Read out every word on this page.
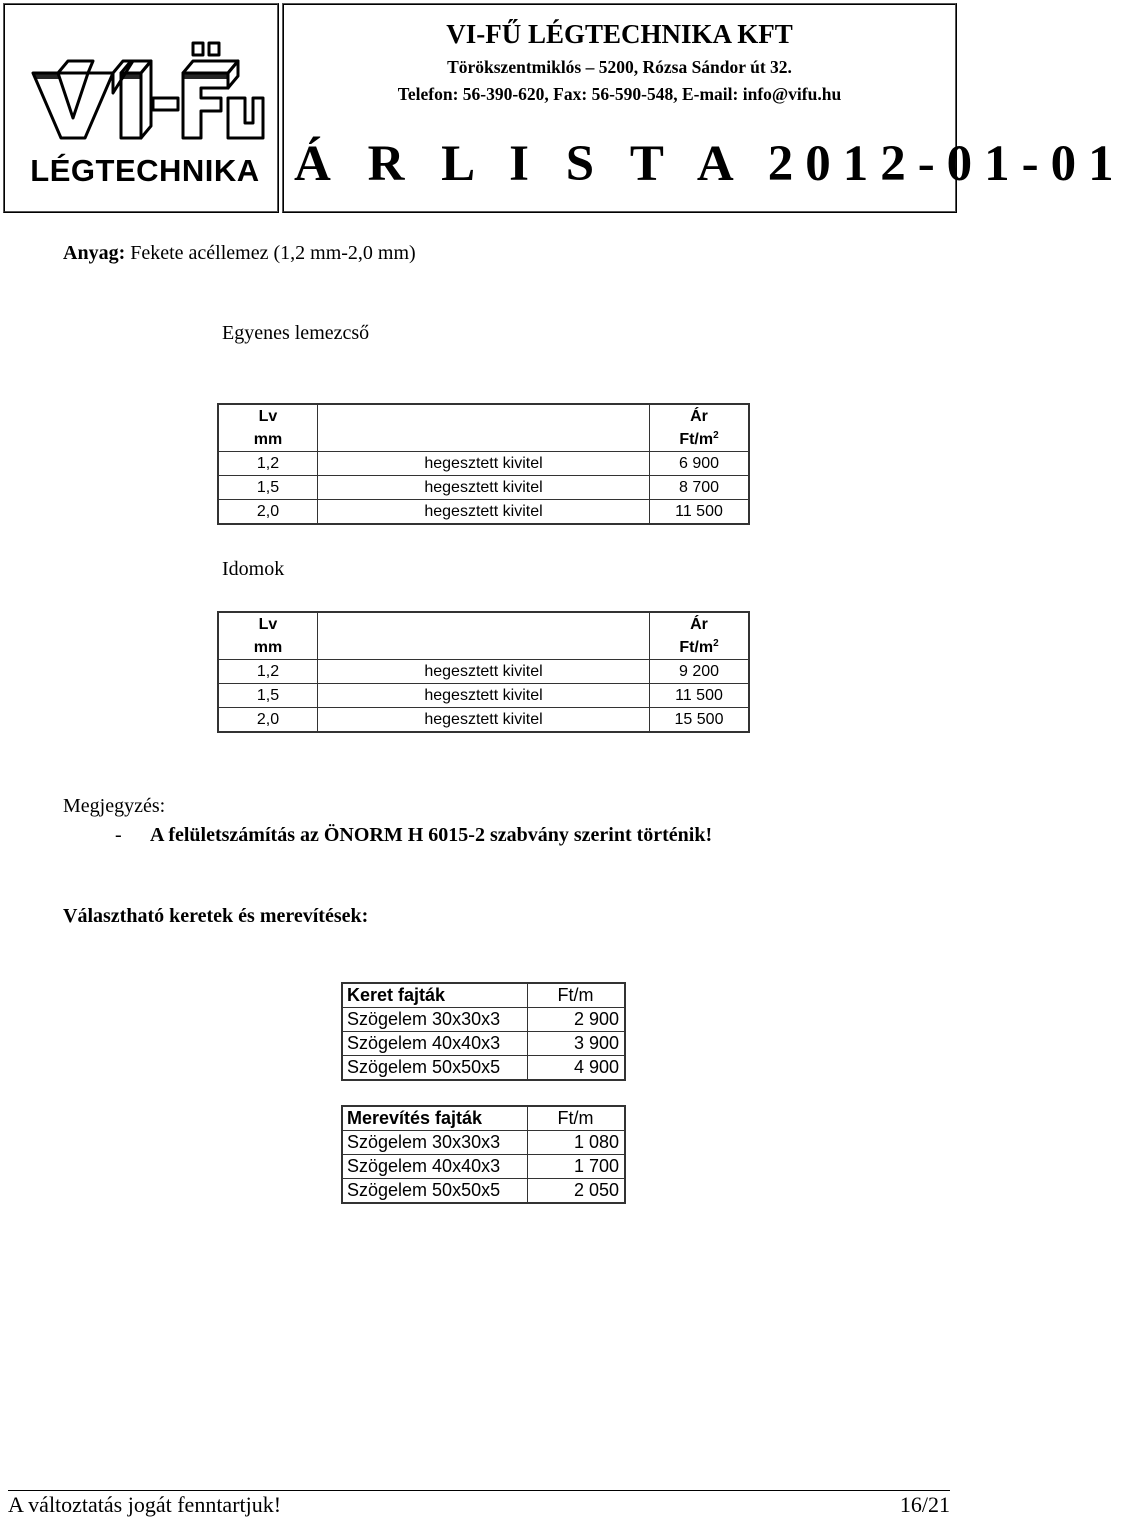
LÉGTECHNIKA
VI-FŰ LÉGTECHNIKA KFT
Törökszentmiklós – 5200, Rózsa Sándor út 32.
Telefon: 56-390-620, Fax: 56-590-548, E-mail: info@vifu.hu
Á R L I S T A 2012-01-01
Anyag: Fekete acéllemez (1,2 mm-2,0 mm)
Egyenes lemezcső
Lv		Ár
mm		$Ft/m^2$
1,2	hegesztett kivitel	6 900
1,5	hegesztett kivitel	8 700
2,0	hegesztett kivitel	11 500
Idomok
Lv		Ár
mm		$Ft/m^2$
1,2	hegesztett kivitel	9 200
1,5	hegesztett kivitel	11 500
2,0	hegesztett kivitel	15 500
Megjegyzés:
- A felületszámítás az ÖNORM H 6015-2 szabvány szerint történik!
Választható keretek és merevítések:
Keret fajták	Ft/m
Szögelem 30x30x3	2 900
Szögelem 40x40x3	3 900
Szögelem 50x50x5	4 900
Merevítés fajták	Ft/m
Szögelem 30x30x3	1 080
Szögelem 40x40x3	1 700
Szögelem 50x50x5	2 050
A változtatás jogát fenntartjuk!	16/21
